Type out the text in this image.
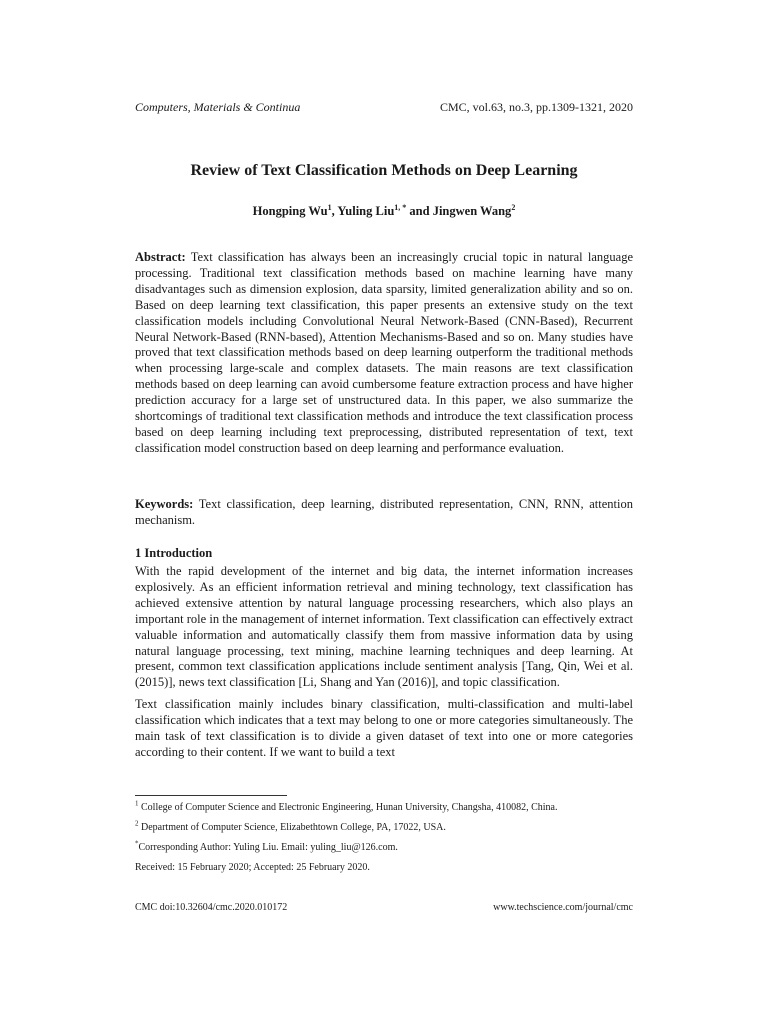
Computers, Materials & Continua	CMC, vol.63, no.3, pp.1309-1321, 2020
Review of Text Classification Methods on Deep Learning
Hongping Wu$^1$, Yuling Liu$^{1, *}$ and Jingwen Wang$^2$

Abstract: Text classification has always been an increasingly crucial topic in natural language processing. Traditional text classification methods based on machine learning have many disadvantages such as dimension explosion, data sparsity, limited generalization ability and so on. Based on deep learning text classification, this paper presents an extensive study on the text classification models including Convolutional Neural Network-Based (CNN-Based), Recurrent Neural Network-Based (RNN-based), Attention Mechanisms-Based and so on. Many studies have proved that text classification methods based on deep learning outperform the traditional methods when processing large-scale and complex datasets. The main reasons are text classification methods based on deep learning can avoid cumbersome feature extraction process and have higher prediction accuracy for a large set of unstructured data. In this paper, we also summarize the shortcomings of traditional text classification methods and introduce the text classification process based on deep learning including text preprocessing, distributed representation of text, text classification model construction based on deep learning and performance evaluation.

Keywords: Text classification, deep learning, distributed representation, CNN, RNN, attention mechanism.

1 Introduction

With the rapid development of the internet and big data, the internet information increases explosively. As an efficient information retrieval and mining technology, text classification has achieved extensive attention by natural language processing researchers, which also plays an important role in the management of internet information. Text classification can effectively extract valuable information and automatically classify them from massive information data by using natural language processing, text mining, machine learning techniques and deep learning. At present, common text classification applications include sentiment analysis [Tang, Qin, Wei et al. (2015)], news text classification [Li, Shang and Yan (2016)], and topic classification.

Text classification mainly includes binary classification, multi-classification and multi-label classification which indicates that a text may belong to one or more categories simultaneously. The main task of text classification is to divide a given dataset of text into one or more categories according to their content. If we want to build a text

$^1$ College of Computer Science and Electronic Engineering, Hunan University, Changsha, 410082, China.

$^2$ Department of Computer Science, Elizabethtown College, PA, 17022, USA.

*Corresponding Author: Yuling Liu. Email: yuling_liu@126.com.

Received: 15 February 2020; Accepted: 25 February 2020.

CMC doi:10.32604/cmc.2020.010172	www.techscience.com/journal/cmc
